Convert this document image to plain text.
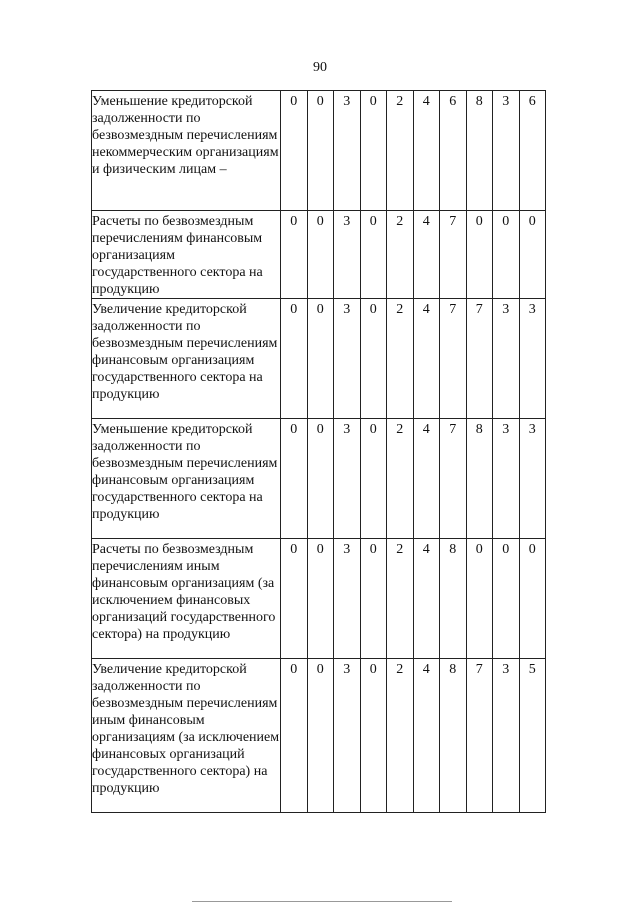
90
Уменьшение кредиторской задолженности по безвозмездным перечислениям некоммерческим организациям и физическим лицам –	0	0	3	0	2	4	6	8	3	6
Расчеты по безвозмездным перечислениям финансовым организациям государственного сектора на продукцию	0	0	3	0	2	4	7	0	0	0
Увеличение кредиторской задолженности по безвозмездным перечислениям финансовым организациям государственного сектора на продукцию	0	0	3	0	2	4	7	7	3	3
Уменьшение кредиторской задолженности по безвозмездным перечислениям финансовым организациям государственного сектора на продукцию	0	0	3	0	2	4	7	8	3	3
Расчеты по безвозмездным перечислениям иным финансовым организациям (за исключением финансовых организаций государственного сектора) на продукцию	0	0	3	0	2	4	8	0	0	0
Увеличение кредиторской задолженности по безвозмездным перечислениям иным финансовым организациям (за исключением финансовых организаций государственного сектора) на продукцию	0	0	3	0	2	4	8	7	3	5
